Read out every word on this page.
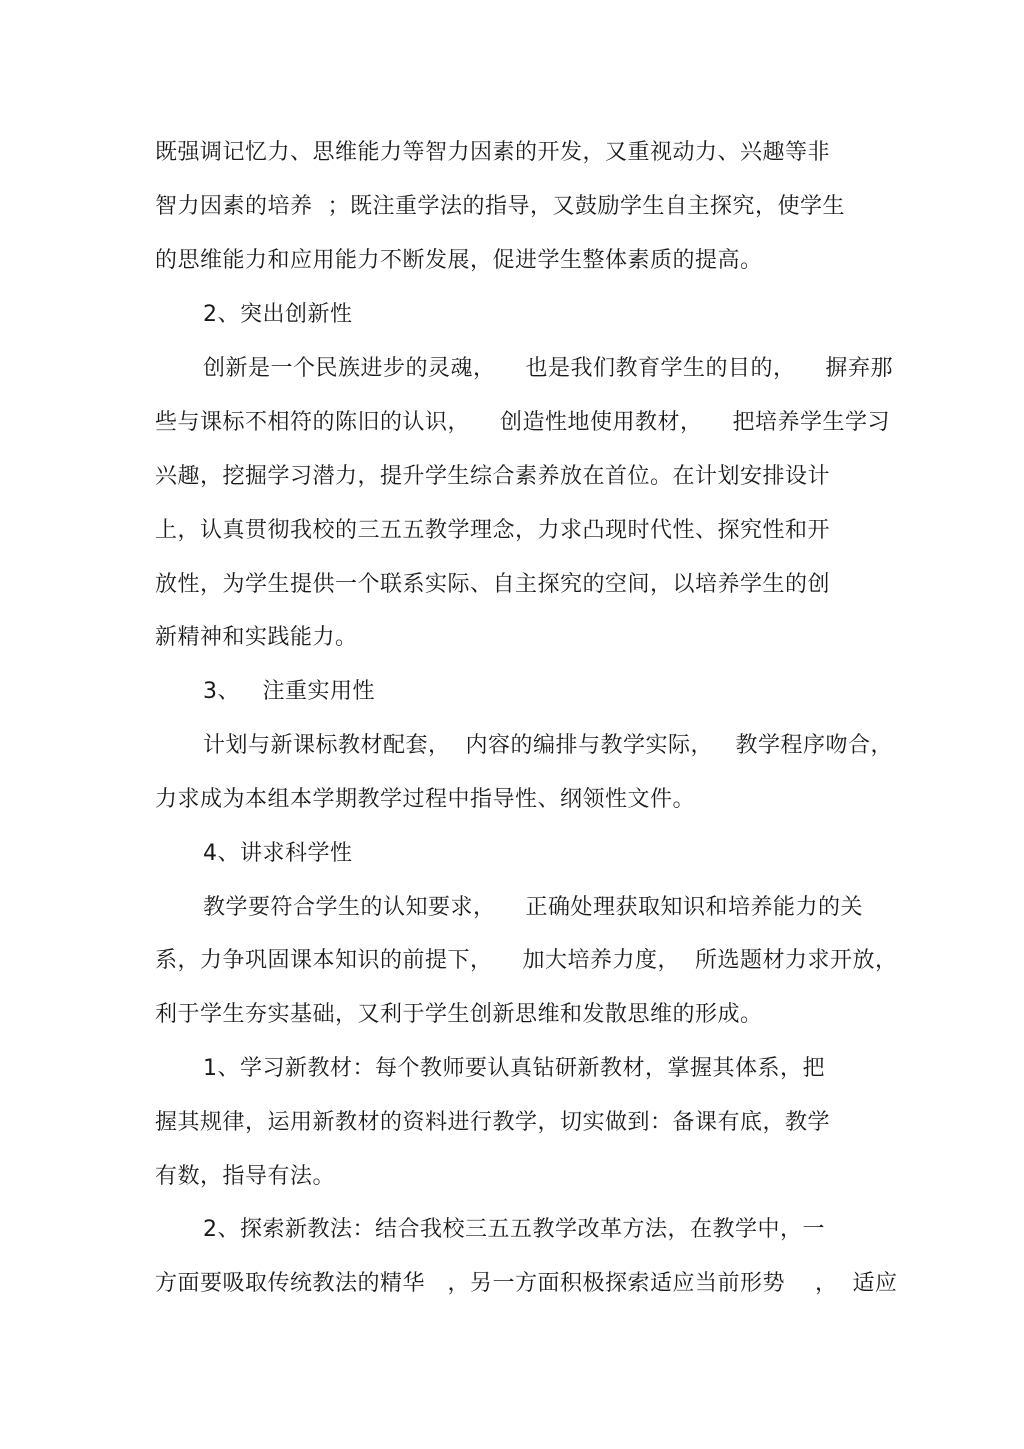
既强调记忆力、思维能力等智力因素的开发，又重视动力、兴趣等非
智力因素的培养  ；既注重学法的指导，又鼓励学生自主探究，使学生
的思维能力和应用能力不断发展，促进学生整体素质的提高。
2、突出创新性
创新是一个民族进步的灵魂，    也是我们教育学生的目的，    摒弃那
些与课标不相符的陈旧的认识，    创造性地使用教材，    把培养学生学习
兴趣，挖掘学习潜力，提升学生综合素养放在首位。在计划安排设计
上，认真贯彻我校的三五五教学理念，力求凸现时代性、探究性和开
放性，为学生提供一个联系实际、自主探究的空间，以培养学生的创
新精神和实践能力。
3、   注重实用性
计划与新课标教材配套，  内容的编排与教学实际，   教学程序吻合，
力求成为本组本学期教学过程中指导性、纲领性文件。
4、讲求科学性
教学要符合学生的认知要求，    正确处理获取知识和培养能力的关
系，力争巩固课本知识的前提下，    加大培养力度，  所选题材力求开放，
利于学生夯实基础，又利于学生创新思维和发散思维的形成。
1、学习新教材：每个教师要认真钻研新教材，掌握其体系，把
握其规律，运用新教材的资料进行教学，切实做到：备课有底，教学
有数，指导有法。
2、探索新教法：结合我校三五五教学改革方法，在教学中，一
方面要吸取传统教法的精华   ，另一方面积极探索适应当前形势    ，  适应
